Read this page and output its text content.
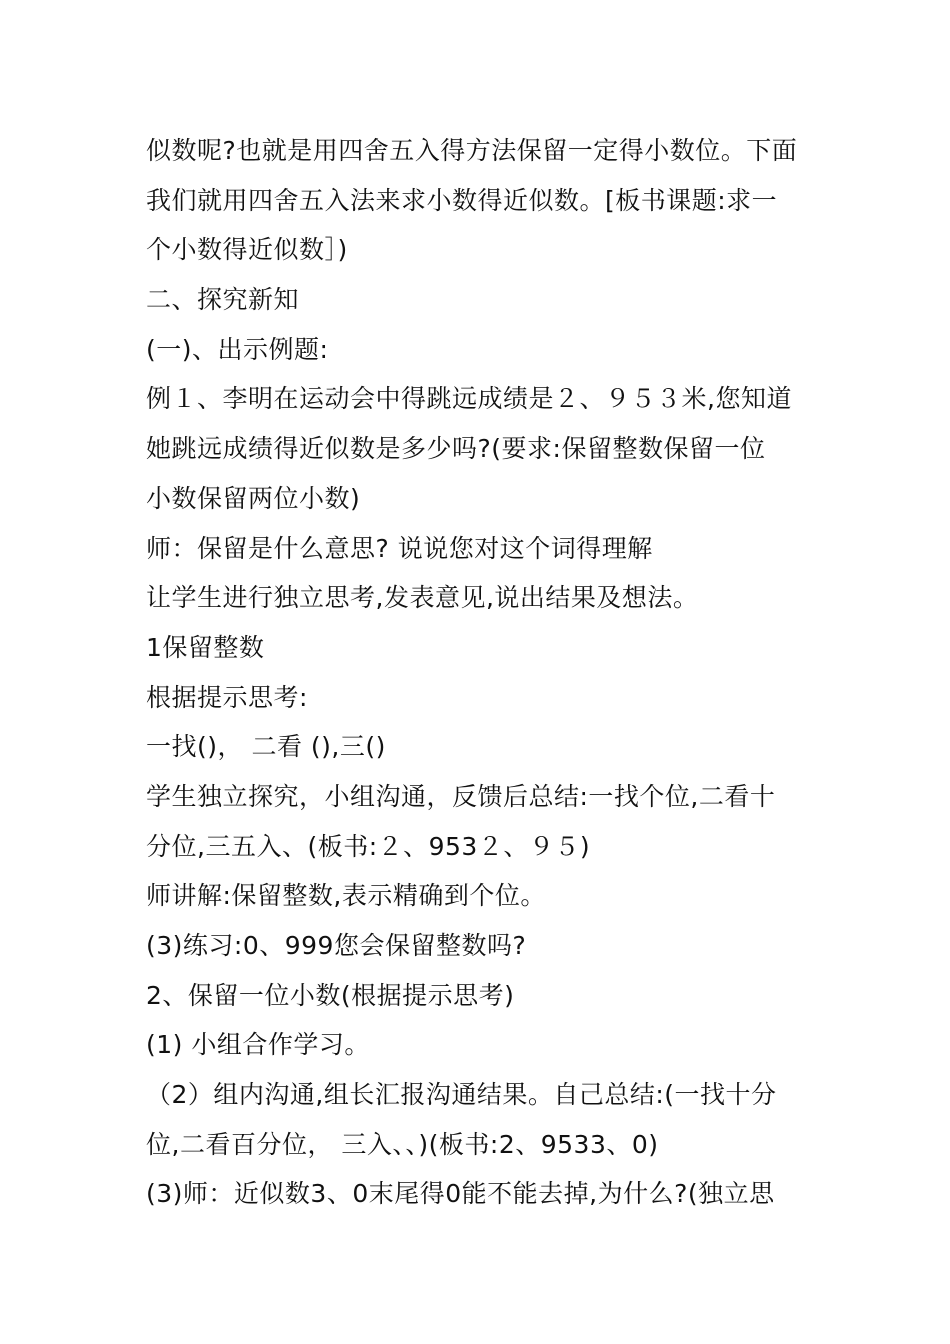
似数呢?也就是用四舍五入得方法保留一定得小数位。下面
我们就用四舍五入法来求小数得近似数。[板书课题:求一
个小数得近似数］)
二、探究新知
(一)、出示例题:
例１、李明在运动会中得跳远成绩是２、９５３米,您知道
她跳远成绩得近似数是多少吗?(要求:保留整数保留一位
小数保留两位小数)
师：保留是什么意思? 说说您对这个词得理解
让学生进行独立思考,发表意见,说出结果及想法。
1保留整数
根据提示思考:
一找()， 二看 (),三()
学生独立探究，小组沟通，反馈后总结:一找个位,二看十
分位,三五入、(板书:２、953２、９５)
师讲解:保留整数,表示精确到个位。
(3)练习:0、999您会保留整数吗?
2、保留一位小数(根据提示思考)
(1) 小组合作学习。
（2）组内沟通,组长汇报沟通结果。自己总结:(一找十分
位,二看百分位， 三入、、)(板书:2、9533、0)
(3)师：近似数3、0末尾得0能不能去掉,为什么?(独立思
